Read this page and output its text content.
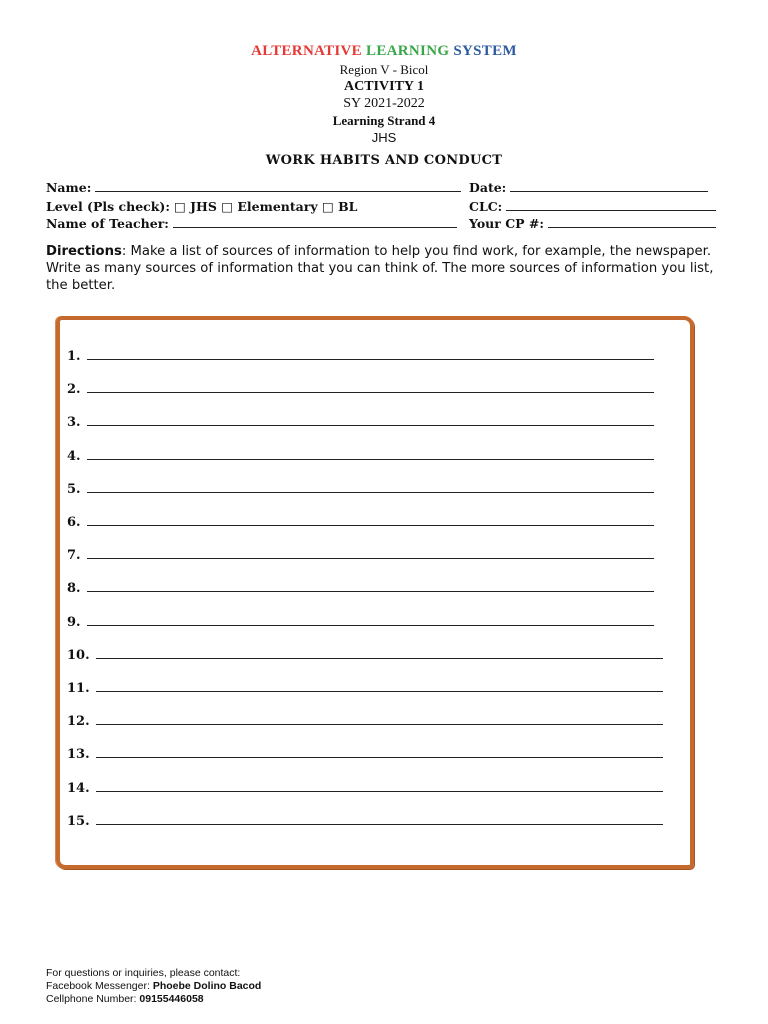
ALTERNATIVE LEARNING SYSTEM
Region V - Bicol
ACTIVITY 1
SY 2021-2022
Learning Strand 4
JHS
WORK HABITS AND CONDUCT
Name:	Date:
Level (Pls check): □ JHS □ Elementary □ BL	CLC:
Name of Teacher:	Your CP #:
Directions: Make a list of sources of information to help you find work, for example, the newspaper. Write as many sources of information that you can think of. The more sources of information you list, the better.
1.
2.
3.
4.
5.
6.
7.
8.
9.
10.
11.
12.
13.
14.
15.
For questions or inquiries, please contact:
Facebook Messenger: Phoebe Dolino Bacod
Cellphone Number: 09155446058
